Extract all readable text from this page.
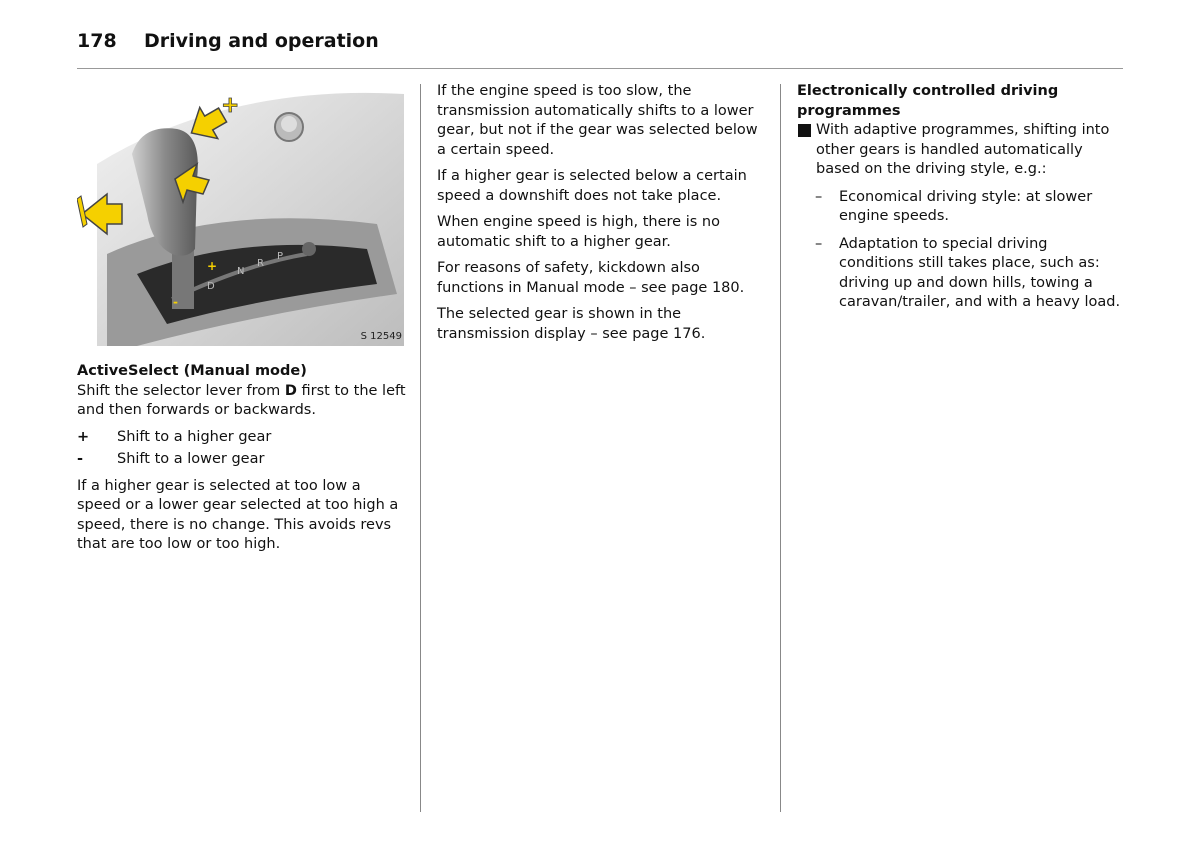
178	Driving and operation
D
N
R
P
+
+
-
S 12549
ActiveSelect (Manual mode)

Shift the selector lever from D first to the left and then forwards or backwards.

+	Shift to a higher gear
-	Shift to a lower gear

If a higher gear is selected at too low a speed or a lower gear selected at too high a speed, there is no change. This avoids revs that are too low or too high.

If the engine speed is too slow, the transmission automatically shifts to a lower gear, but not if the gear was selected below a certain speed.

If a higher gear is selected below a certain speed a downshift does not take place.

When engine speed is high, there is no automatic shift to a higher gear.

For reasons of safety, kickdown also functions in Manual mode – see page 180.

The selected gear is shown in the transmission display – see page 176.

Electronically controlled driving programmes
With adaptive programmes, shifting into other gears is handled automatically based on the driving style, e.g.:
–	Economical driving style: at slower engine speeds.
–	Adaptation to special driving conditions still takes place, such as: driving up and down hills, towing a caravan/trailer, and with a heavy load.
